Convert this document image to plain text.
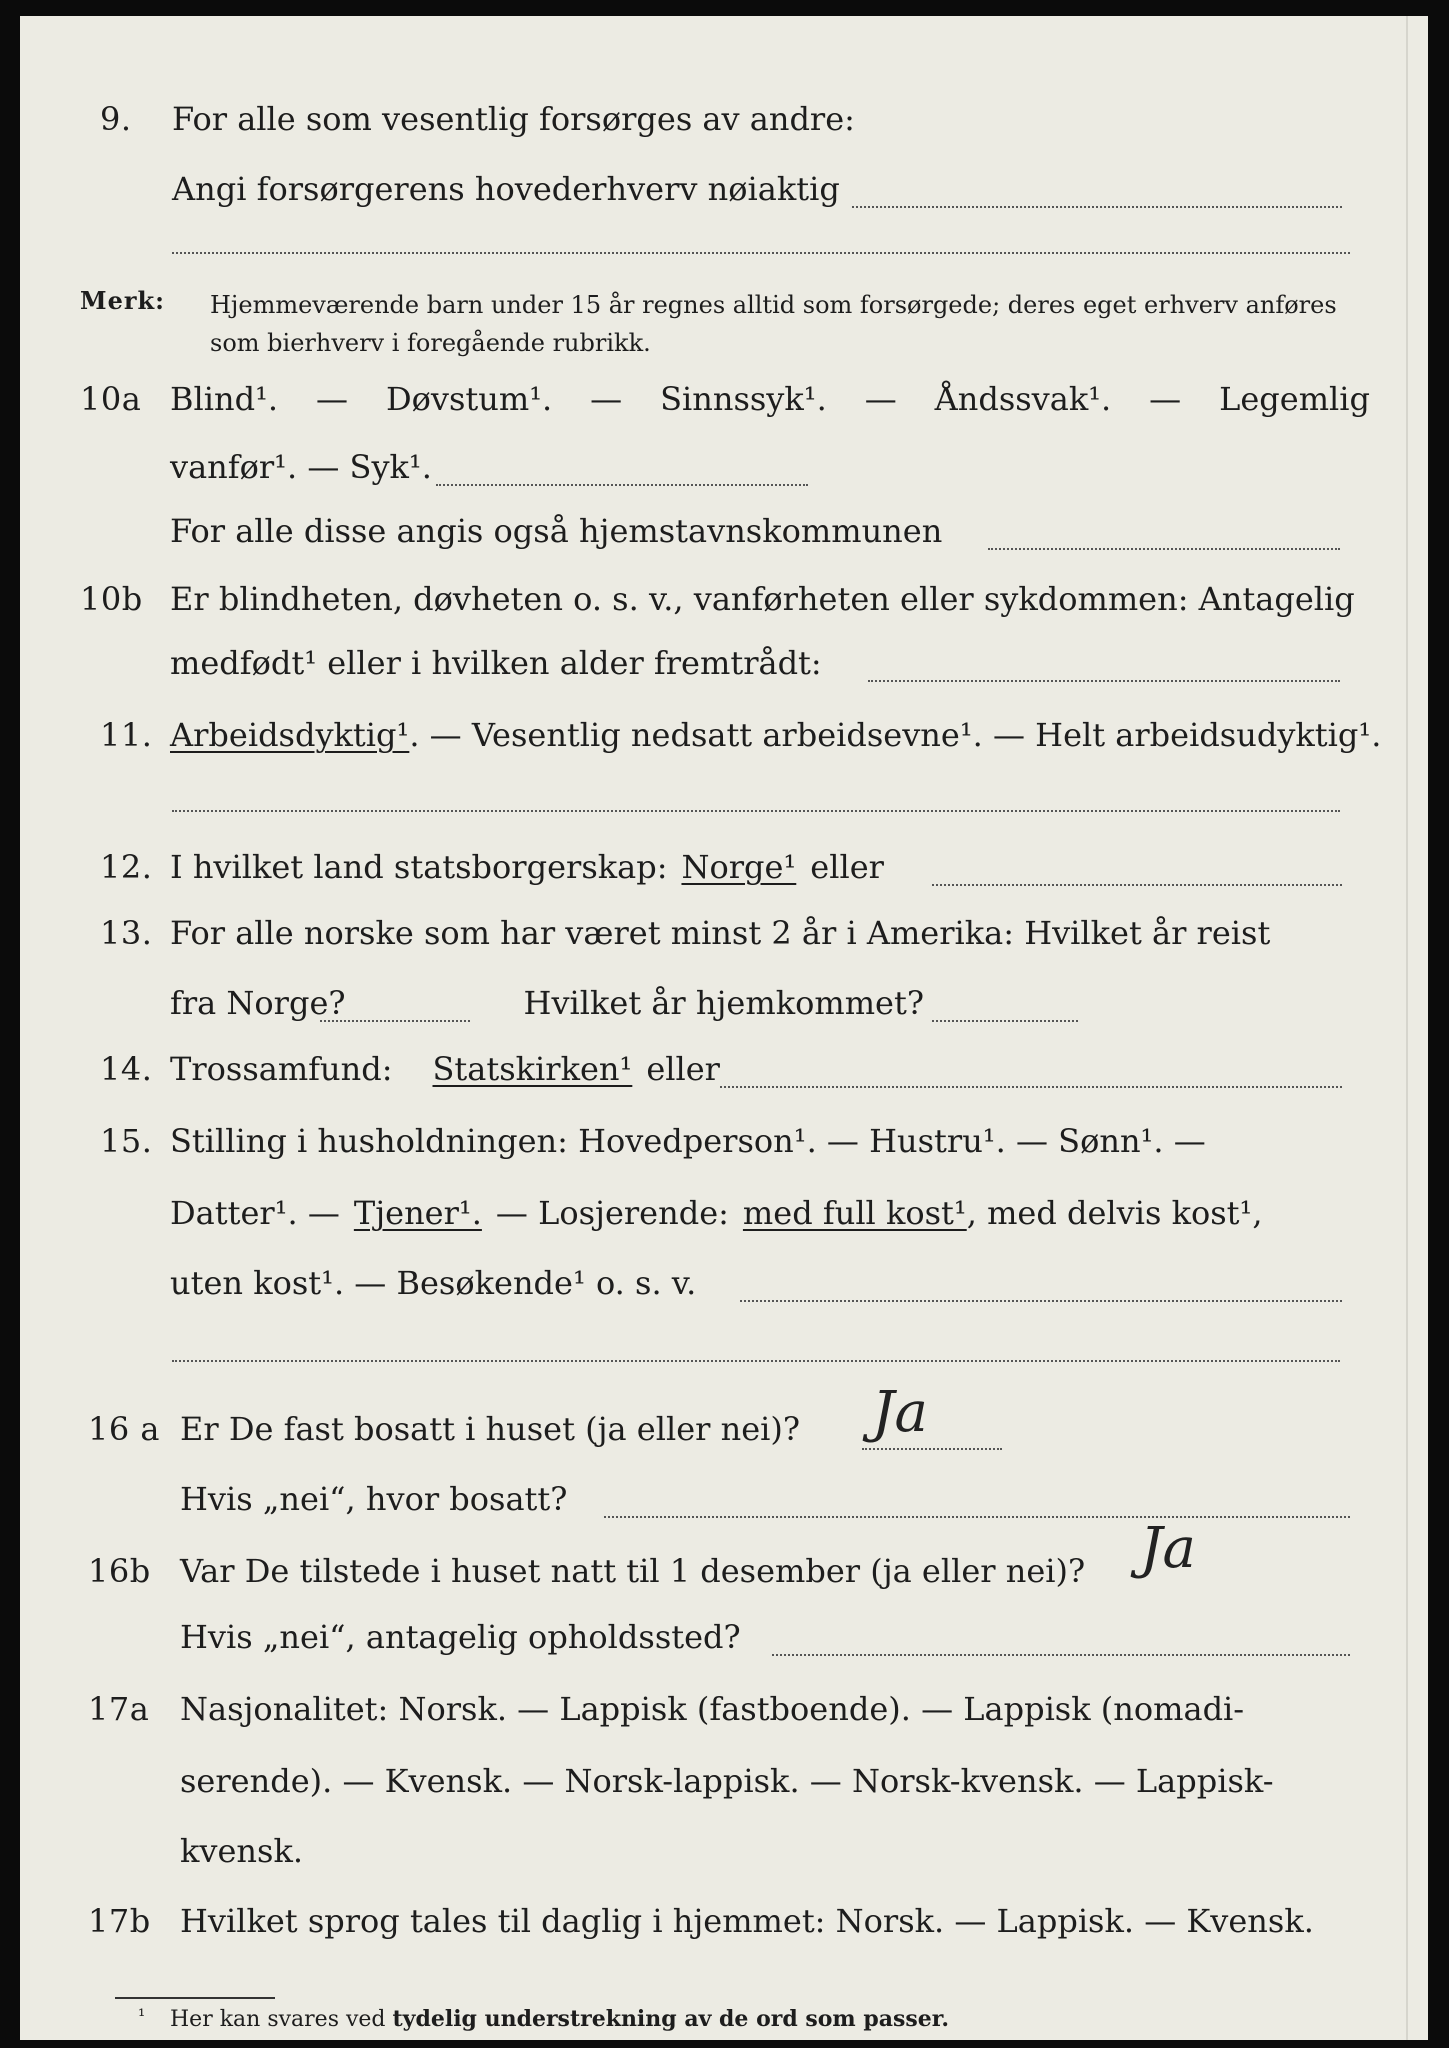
9. For alle som vesentlig forsørges av andre:
Angi forsørgerens hovederhverv nøiaktig
Merk: Hjemmeværende barn under 15 år regnes alltid som forsørgede; deres eget erhverv anføres som bierhverv i foregående rubrikk.
10a Blind¹. — Døvstum¹. — Sinnssyk¹. — Åndssvak¹. — Legemlig
vanfør¹. — Syk¹.
For alle disse angis også hjemstavnskommunen
10b Er blindheten, døvheten o. s. v., vanførheten eller sykdommen: Antagelig
medfødt¹ eller i hvilken alder fremtrådt:
11. Arbeidsdyktig¹ . — Vesentlig nedsatt arbeidsevne¹. — Helt arbeidsudyktig¹.
12. I hvilket land statsborgerskap: Norge¹ eller
13. For alle norske som har været minst 2 år i Amerika: Hvilket år reist
fra Norge?	Hvilket år hjemkommet?
14. Trossamfund: Statskirken¹ eller
15. Stilling i husholdningen: Hovedperson¹. — Hustru¹. — Sønn¹. —
Datter¹. — Tjener¹. — Losjerende: med full kost¹ , med delvis kost¹,
uten kost¹. — Besøkende¹ o. s. v.
16 a Er De fast bosatt i huset (ja eller nei)? Ja
Hvis „nei“, hvor bosatt?
16b Var De tilstede i huset natt til 1 desember (ja eller nei)? Ja
Hvis „nei“, antagelig opholdssted?
17a Nasjonalitet: Norsk. — Lappisk (fastboende). — Lappisk (nomadi-
serende). — Kvensk. — Norsk-lappisk. — Norsk-kvensk. — Lappisk-
kvensk.
17b Hvilket sprog tales til daglig i hjemmet: Norsk. — Lappisk. — Kvensk.
¹ Her kan svares ved tydelig understrekning av de ord som passer.
